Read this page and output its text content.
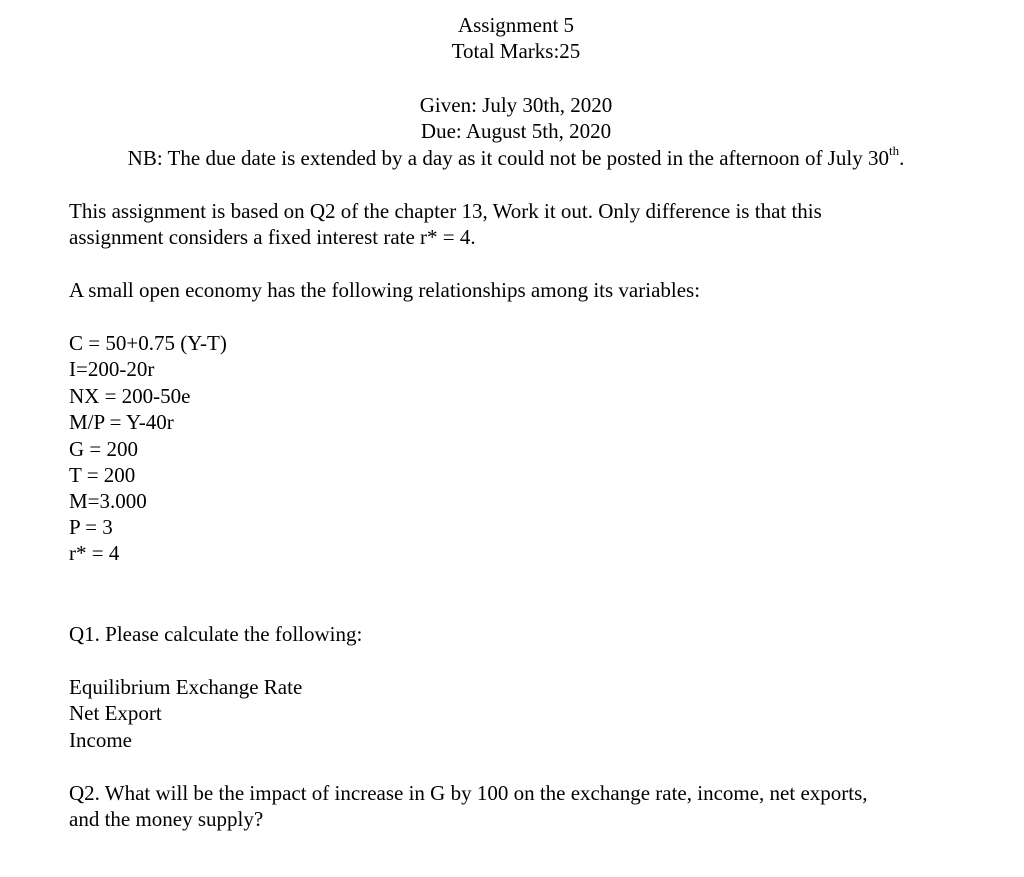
Assignment 5

Total Marks:25

Given: July 30th, 2020

Due: August 5th, 2020

NB: The due date is extended by a day as it could not be posted in the afternoon of July 30th.

This assignment is based on Q2 of the chapter 13, Work it out. Only difference is that this

assignment considers a fixed interest rate r* = 4.

A small open economy has the following relationships among its variables:

C = 50+0.75 (Y-T)

I=200-20r

NX = 200-50e

M/P = Y-40r

G = 200

T = 200

M=3.000

P = 3

r* = 4

Q1. Please calculate the following:

Equilibrium Exchange Rate

Net Export

Income

Q2. What will be the impact of increase in G by 100 on the exchange rate, income, net exports,

and the money supply?
